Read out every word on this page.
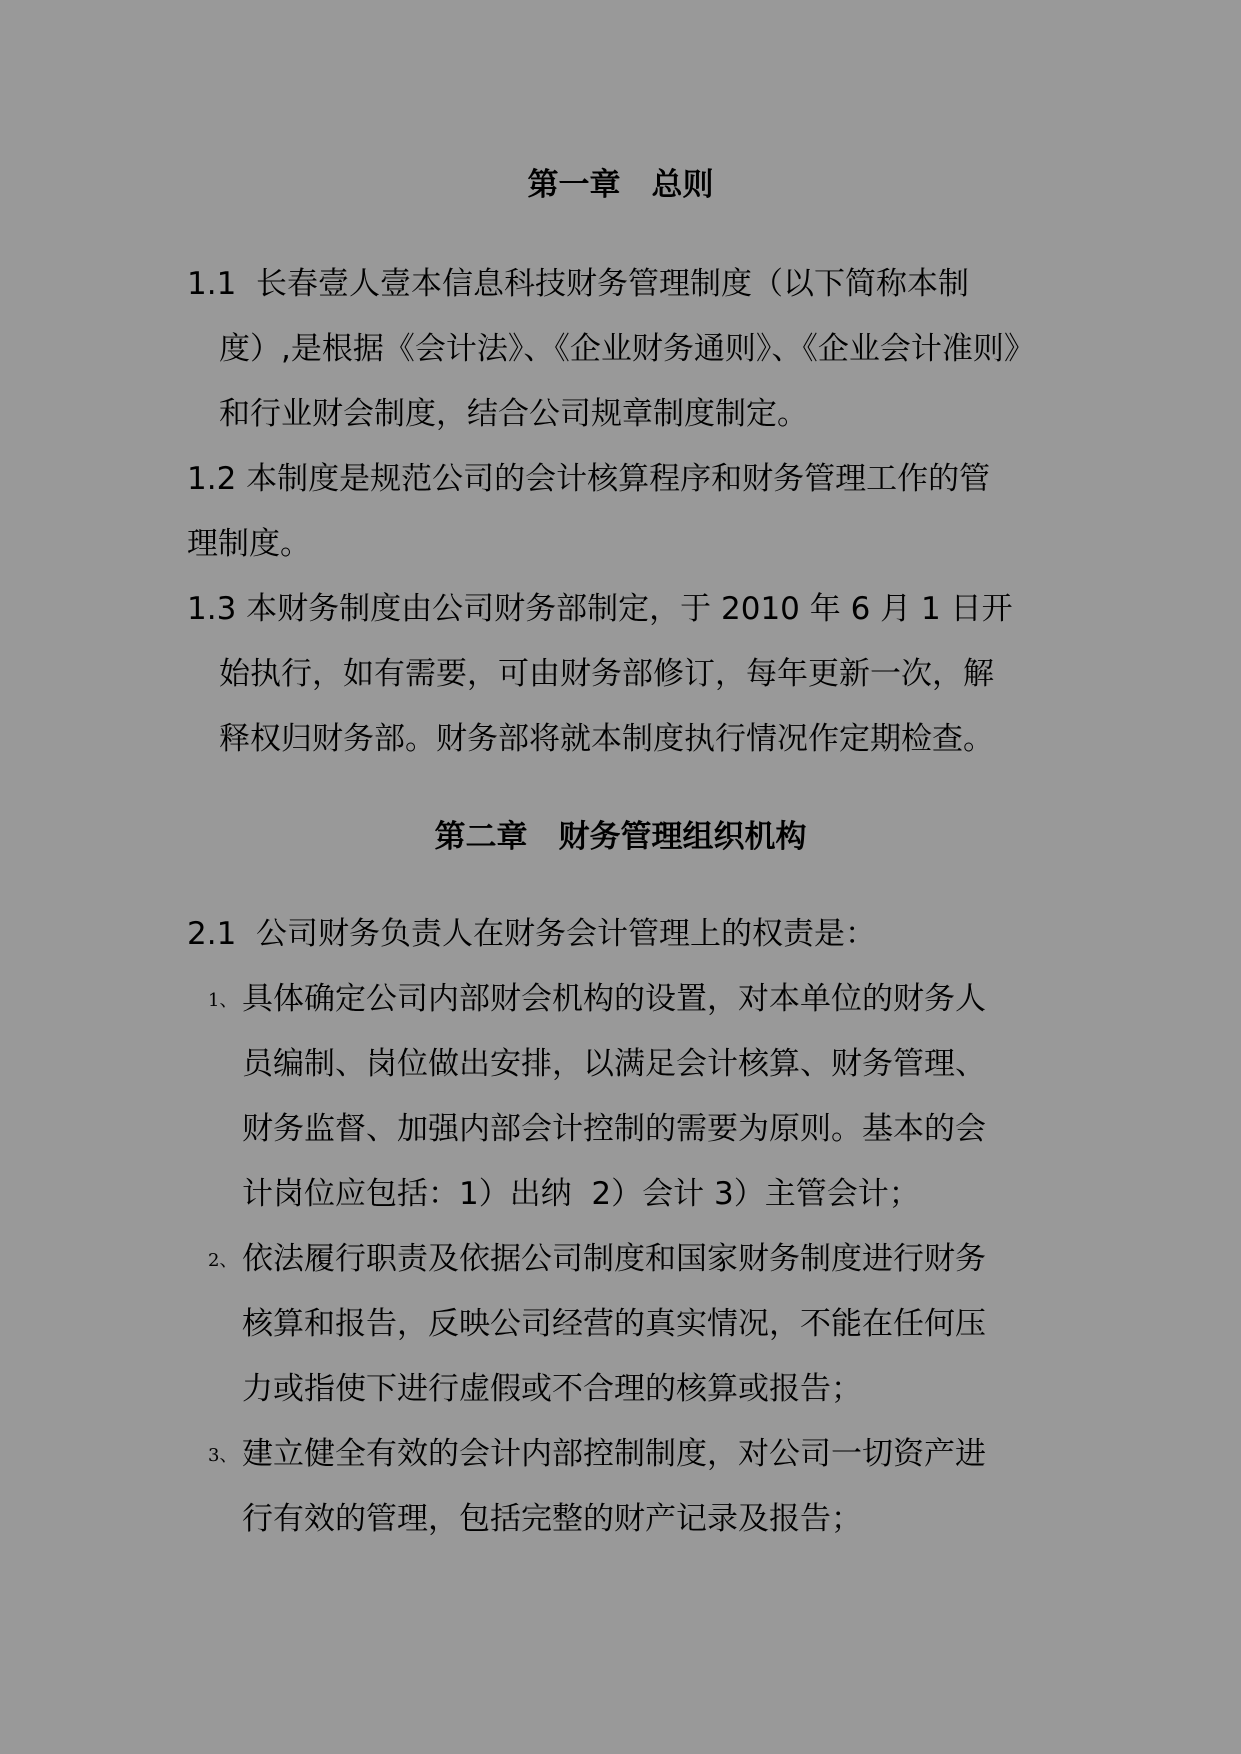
第一章　总则
1.1  长春壹人壹本信息科技财务管理制度（以下简称本制
度）,是根据《会计法》、《企业财务通则》、《企业会计准则》
和行业财会制度，结合公司规章制度制定。
1.2 本制度是规范公司的会计核算程序和财务管理工作的管
理制度。
1.3 本财务制度由公司财务部制定，于 2010 年 6 月 1 日开
始执行，如有需要，可由财务部修订，每年更新一次，解
释权归财务部。财务部将就本制度执行情况作定期检查。
第二章　财务管理组织机构
2.1  公司财务负责人在财务会计管理上的权责是：
1、 具体确定公司内部财会机构的设置，对本单位的财务人
员编制、岗位做出安排，以满足会计核算、财务管理、
财务监督、加强内部会计控制的需要为原则。基本的会
计岗位应包括：1）出纳  2）会计 3）主管会计；
2、 依法履行职责及依据公司制度和国家财务制度进行财务
核算和报告，反映公司经营的真实情况，不能在任何压
力或指使下进行虚假或不合理的核算或报告；
3、 建立健全有效的会计内部控制制度，对公司一切资产进
行有效的管理，包括完整的财产记录及报告；
